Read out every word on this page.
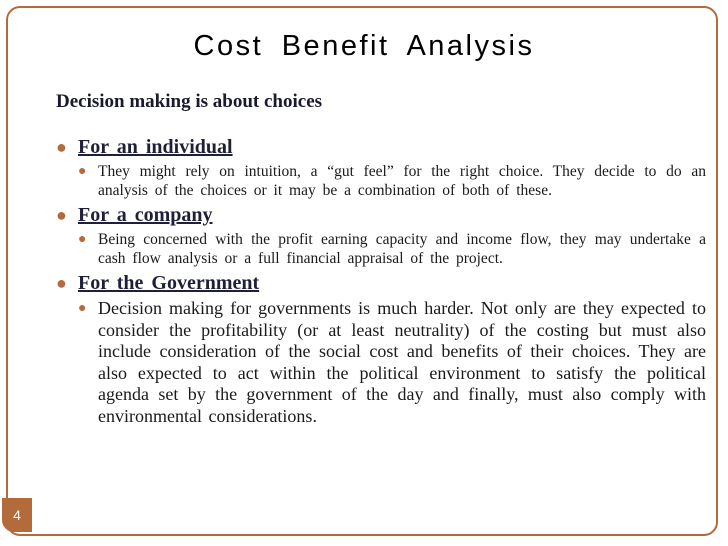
Cost Benefit Analysis
Decision making is about choices
● For an individual
● They might rely on intuition, a “gut feel” for the right choice. They decide to do an analysis of the choices or it may be a combination of both of these.
● For a company
● Being concerned with the profit earning capacity and income flow, they may undertake a cash flow analysis or a full financial appraisal of the project.
● For the Government
● Decision making for governments is much harder. Not only are they expected to consider the profitability (or at least neutrality) of the costing but must also include consideration of the social cost and benefits of their choices. They are also expected to act within the political environment to satisfy the political agenda set by the government of the day and finally, must also comply with environmental considerations.
4
